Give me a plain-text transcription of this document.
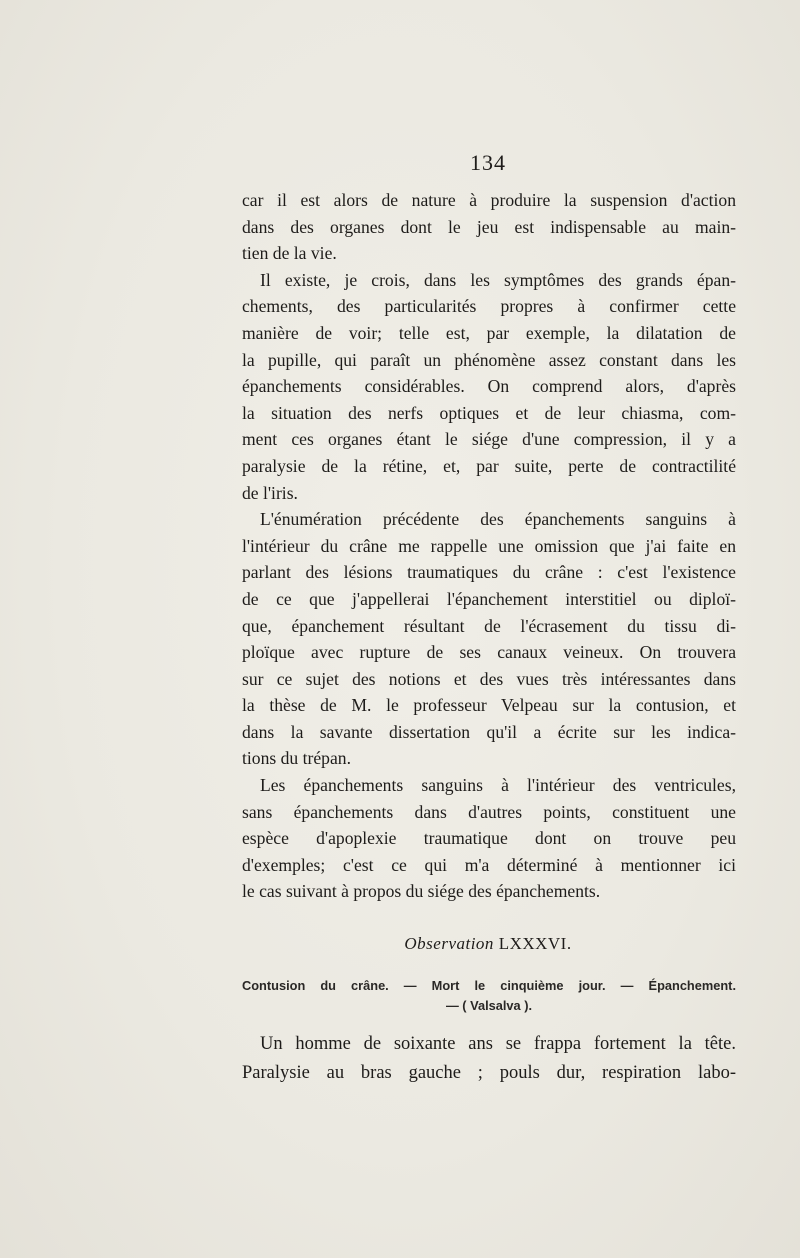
134
car il est alors de nature à produire la suspension d'action
dans des organes dont le jeu est indispensable au main-
tien de la vie.
Il existe, je crois, dans les symptômes des grands épan-
chements, des particularités propres à confirmer cette
manière de voir; telle est, par exemple, la dilatation de
la pupille, qui paraît un phénomène assez constant dans les
épanchements considérables. On comprend alors, d'après
la situation des nerfs optiques et de leur chiasma, com-
ment ces organes étant le siége d'une compression, il y a
paralysie de la rétine, et, par suite, perte de contractilité
de l'iris.
L'énumération précédente des épanchements sanguins à
l'intérieur du crâne me rappelle une omission que j'ai faite en
parlant des lésions traumatiques du crâne : c'est l'existence
de ce que j'appellerai l'épanchement interstitiel ou diploï-
que, épanchement résultant de l'écrasement du tissu di-
ploïque avec rupture de ses canaux veineux. On trouvera
sur ce sujet des notions et des vues très intéressantes dans
la thèse de M. le professeur Velpeau sur la contusion, et
dans la savante dissertation qu'il a écrite sur les indica-
tions du trépan.
Les épanchements sanguins à l'intérieur des ventricules,
sans épanchements dans d'autres points, constituent une
espèce d'apoplexie traumatique dont on trouve peu
d'exemples; c'est ce qui m'a déterminé à mentionner ici
le cas suivant à propos du siége des épanchements.
Observation LXXXVI.
Contusion du crâne. — Mort le cinquième jour. — Épanchement.
— ( Valsalva ).
Un homme de soixante ans se frappa fortement la tête.
Paralysie au bras gauche ; pouls dur, respiration labo-
